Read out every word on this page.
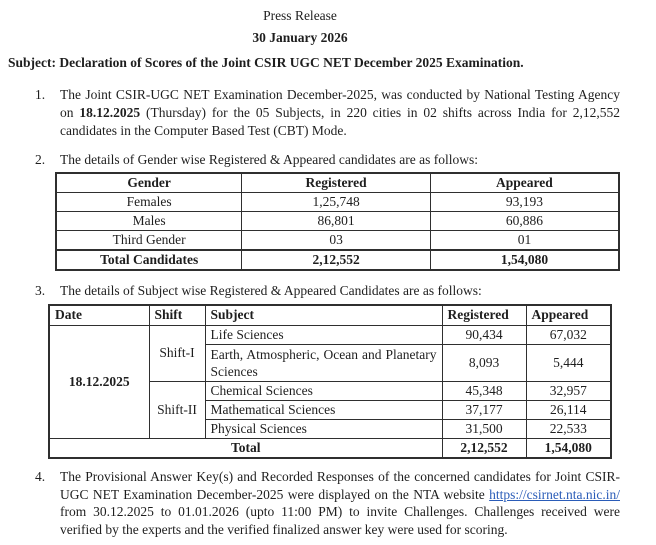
Press Release
30 January 2026
Subject: Declaration of Scores of the Joint CSIR UGC NET December 2025 Examination.
1.	The Joint CSIR-UGC NET Examination December-2025, was conducted by National Testing Agency on 18.12.2025 (Thursday) for the 05 Subjects, in 220 cities in 02 shifts across India for 2,12,552 candidates in the Computer Based Test (CBT) Mode.
2.	The details of Gender wise Registered & Appeared candidates are as follows:
Gender	Registered	Appeared
Females	1,25,748	93,193
Males	86,801	60,886
Third Gender	03	01
Total Candidates	2,12,552	1,54,080
3.	The details of Subject wise Registered & Appeared Candidates are as follows:
Date	Shift	Subject	Registered	Appeared
18.12.2025	Shift-I	Life Sciences	90,434	67,032
		Earth, Atmospheric, Ocean and Planetary Sciences	8,093	5,444
	Shift-II	Chemical Sciences	45,348	32,957
		Mathematical Sciences	37,177	26,114
		Physical Sciences	31,500	22,533
Total			2,12,552	1,54,080
4.	The Provisional Answer Key(s) and Recorded Responses of the concerned candidates for Joint CSIR-UGC NET Examination December-2025 were displayed on the NTA website https://csirnet.nta.nic.in/ from 30.12.2025 to 01.01.2026 (upto 11:00 PM) to invite Challenges. Challenges received were verified by the experts and the verified finalized answer key were used for scoring.
